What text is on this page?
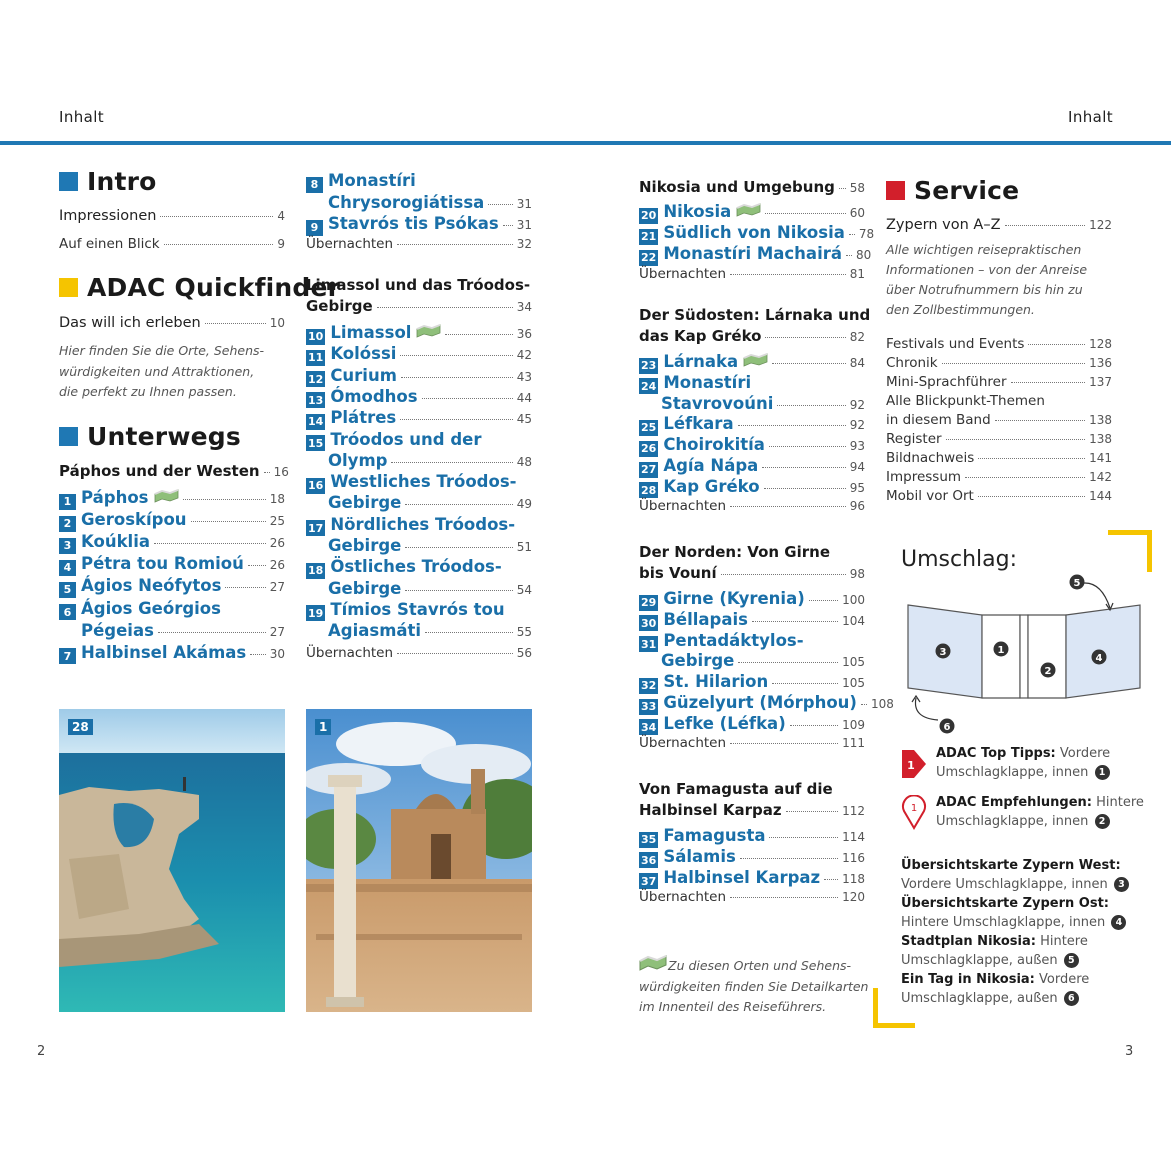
Inhalt	Inhalt
Intro
Impressionen	4
Auf einen Blick	9
ADAC Quickfinder
Das will ich erleben	10
Hier finden Sie die Orte, Sehens-
würdigkeiten und Attraktionen,
die perfekt zu Ihnen passen.
Unterwegs
Páphos und der Westen 16
1 Páphos	18
2 Geroskípou	25
3 Koúklia	26
4 Pétra tou Romioú 26
5 Ágios Neófytos	27
6 Ágios Geórgios
Pégeias	27
7 Halbinsel Akámas 30
8 Monastíri
Chrysorogiátissa	31
9 Stavrós tis Psókas 31
Übernachten	32
Limassol und das Tróodos-
Gebirge	34
10 Limassol	36
11 Kolóssi	42
12 Curium	43
13 Ómodhos	44
14 Plátres	45
15 Tróodos und der
Olymp	48
16 Westliches Tróodos-
Gebirge	49
17 Nördliches Tróodos-
Gebirge	51
18 Östliches Tróodos-
Gebirge	54
19 Tímios Stavrós tou
Agiasmáti	55
Übernachten	56
28	1
2	3
Nikosia und Umgebung 58
20 Nikosia	60
21 Südlich von Nikosia 78
22 Monastíri Machairá 80
Übernachten	81
Der Südosten: Lárnaka und
das Kap Gréko	82
23 Lárnaka	84
24 Monastíri
Stavrovoúni	92
25 Léfkara	92
26 Choirokitía	93
27 Agía Nápa	94
28 Kap Gréko	95
Übernachten	96
Der Norden: Von Girne
bis Vouní	98
29 Girne (Kyrenia)	100
30 Béllapais	104
31 Pentadáktylos-
Gebirge	105
32 St. Hilarion	105
33 Güzelyurt (Mórphou) 108
34 Lefke (Léfka)	109
Übernachten	111
Von Famagusta auf die
Halbinsel Karpaz	112
35 Famagusta	114
36 Sálamis	116
37 Halbinsel Karpaz 118
Übernachten	120
Zu diesen Orten und Sehens-
würdigkeiten finden Sie Detailkarten
im Innenteil des Reiseführers.
Service
Zypern von A–Z	122
Alle wichtigen reisepraktischen
Informationen – von der Anreise
über Notrufnummern bis hin zu
den Zollbestimmungen.
Festivals und Events	128
Chronik	136
Mini-Sprachführer	137
Alle Blickpunkt-Themen
in diesem Band	138
Register	138
Bildnachweis	141
Impressum	142
Mobil vor Ort	144
Umschlag:
3	1
2
4
5
6
1
ADAC Top Tipps: Vordere
Umschlagklappe, innen 1
1 ADAC Empfehlungen: Hintere
Umschlagklappe, innen 2
Übersichtskarte Zypern West:
Vordere Umschlagklappe, innen 3
Übersichtskarte Zypern Ost:
Hintere Umschlagklappe, innen 4
Stadtplan Nikosia: Hintere
Umschlagklappe, außen 5
Ein Tag in Nikosia: Vordere
Umschlagklappe, außen 6
